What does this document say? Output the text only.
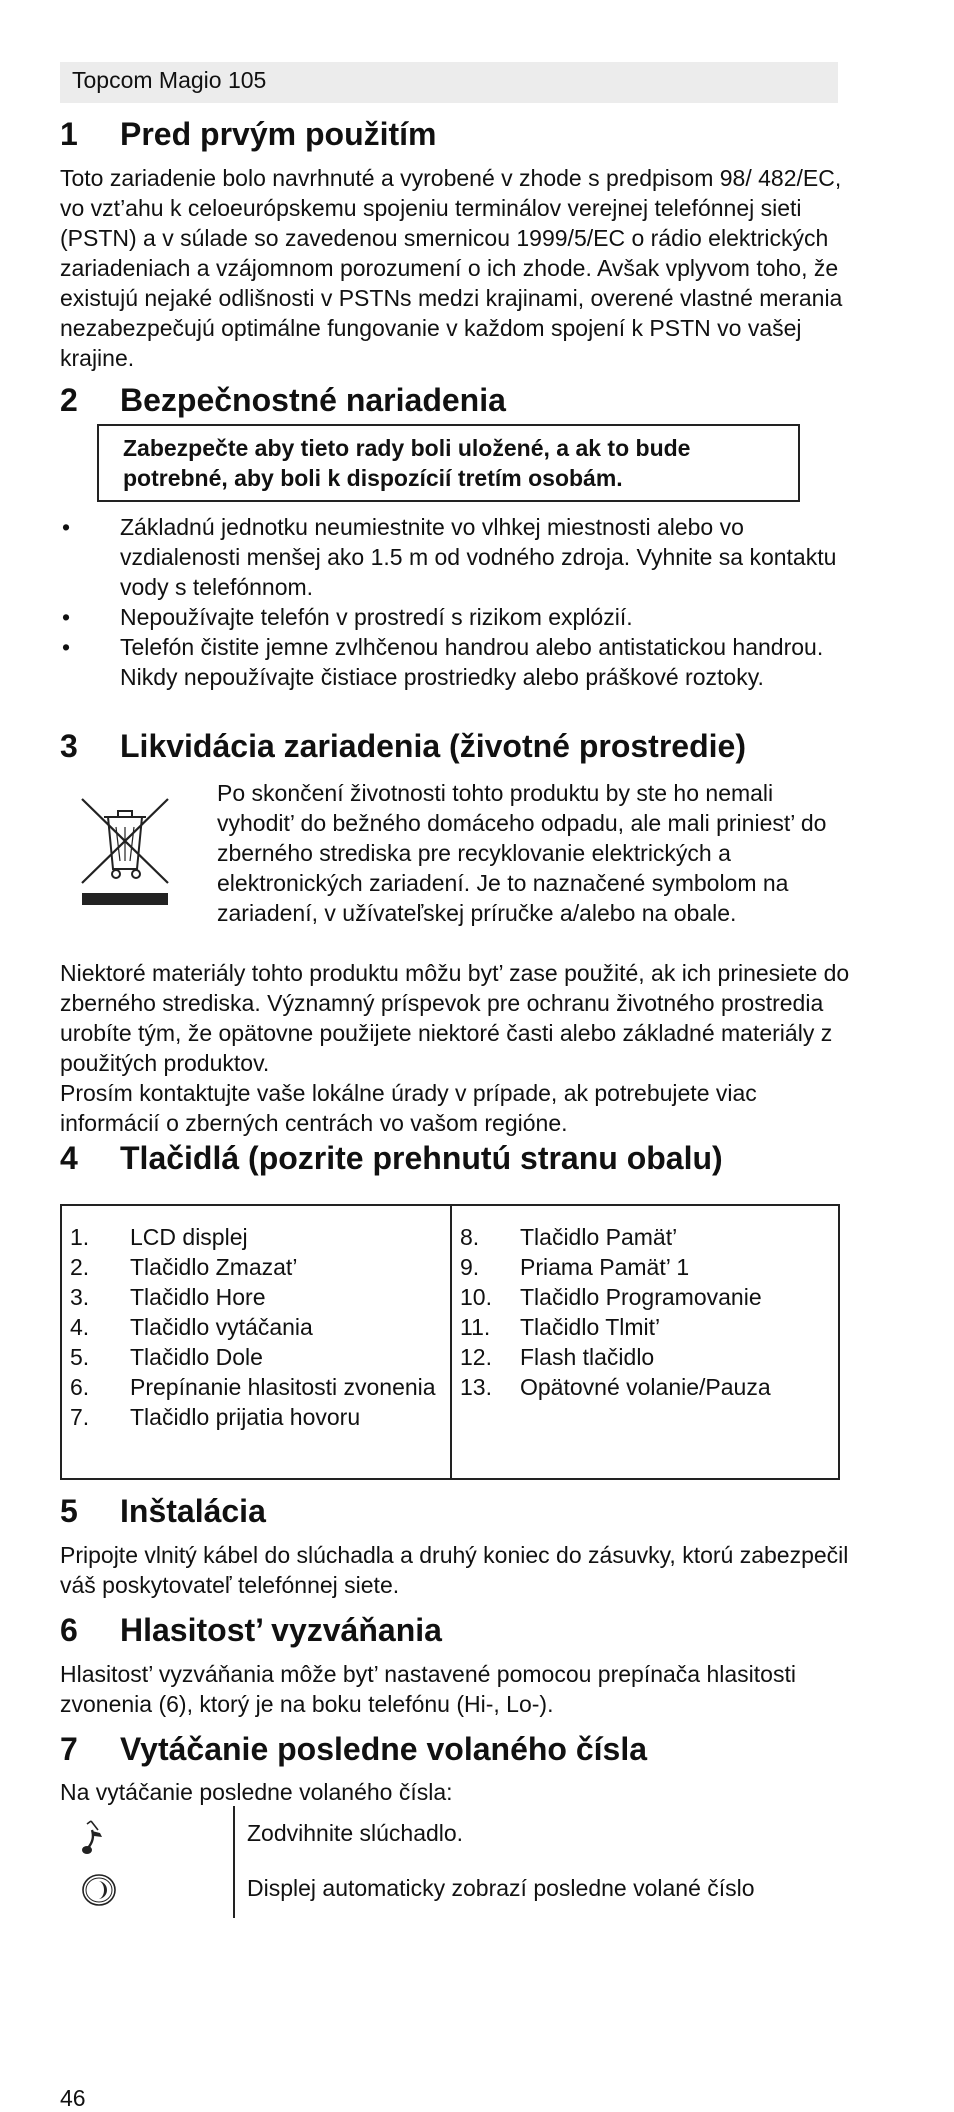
Topcom Magio 105
1 Pred prvým použitím
Toto zariadenie bolo navrhnuté a vyrobené v zhode s predpisom 98/ 482/EC, vo vzt’ahu k celoeurópskemu spojeniu terminálov verejnej telefónnej sieti (PSTN) a v súlade so zavedenou smernicou 1999/5/EC o rádio elektrických zariadeniach a vzájomnom porozumení o ich zhode. Avšak vplyvom toho, že existujú nejaké odlišnosti v PSTNs medzi krajinami, overené vlastné merania nezabezpečujú optimálne fungovanie v každom spojení k PSTN vo vašej krajine.
2 Bezpečnostné nariadenia
Zabezpečte aby tieto rady boli uložené, a ak to bude potrebné, aby boli k dispozícií tretím osobám.
• Základnú jednotku neumiestnite vo vlhkej miestnosti alebo vo vzdialenosti menšej ako 1.5 m od vodného zdroja. Vyhnite sa kontaktu vody s telefónnom.
• Nepoužívajte telefón v prostredí s rizikom explózií.
• Telefón čistite jemne zvlhčenou handrou alebo antistatickou handrou. Nikdy nepoužívajte čistiace prostriedky alebo práškové roztoky.
3 Likvidácia zariadenia (životné prostredie)
Po skončení životnosti tohto produktu by ste ho nemali vyhodit’ do bežného domáceho odpadu, ale mali priniest’ do zberného strediska pre recyklovanie elektrických a elektronických zariadení. Je to naznačené symbolom na zariadení, v užívateľskej príručke a/alebo na obale.
Niektoré materiály tohto produktu môžu byt’ zase použité, ak ich prinesiete do zberného strediska. Významný príspevok pre ochranu životného prostredia urobíte tým, že opätovne použijete niektoré časti alebo základné materiály z použitých produktov.
Prosím kontaktujte vaše lokálne úrady v prípade, ak potrebujete viac informácií o zberných centrách vo vašom regióne.
4 Tlačidlá (pozrite prehnutú stranu obalu)
1. LCD displej
2. Tlačidlo Zmazat’
3. Tlačidlo Hore
4. Tlačidlo vytáčania
5. Tlačidlo Dole
6. Prepínanie hlasitosti zvonenia
7. Tlačidlo prijatia hovoru
8. Tlačidlo Pamät’
9. Priama Pamät’ 1
10. Tlačidlo Programovanie
11. Tlačidlo Tlmit’
12. Flash tlačidlo
13. Opätovné volanie/Pauza
5 Inštalácia
Pripojte vlnitý kábel do slúchadla a druhý koniec do zásuvky, ktorú zabezpečil váš poskytovateľ telefónnej siete.
6 Hlasitost’ vyzváňania
Hlasitost’ vyzváňania môže byt’ nastavené pomocou prepínača hlasitosti zvonenia (6), ktorý je na boku telefónu (Hi-, Lo-).
7 Vytáčanie posledne volaného čísla
Na vytáčanie posledne volaného čísla:
Zodvihnite slúchadlo.
Displej automaticky zobrazí posledne volané číslo
46
